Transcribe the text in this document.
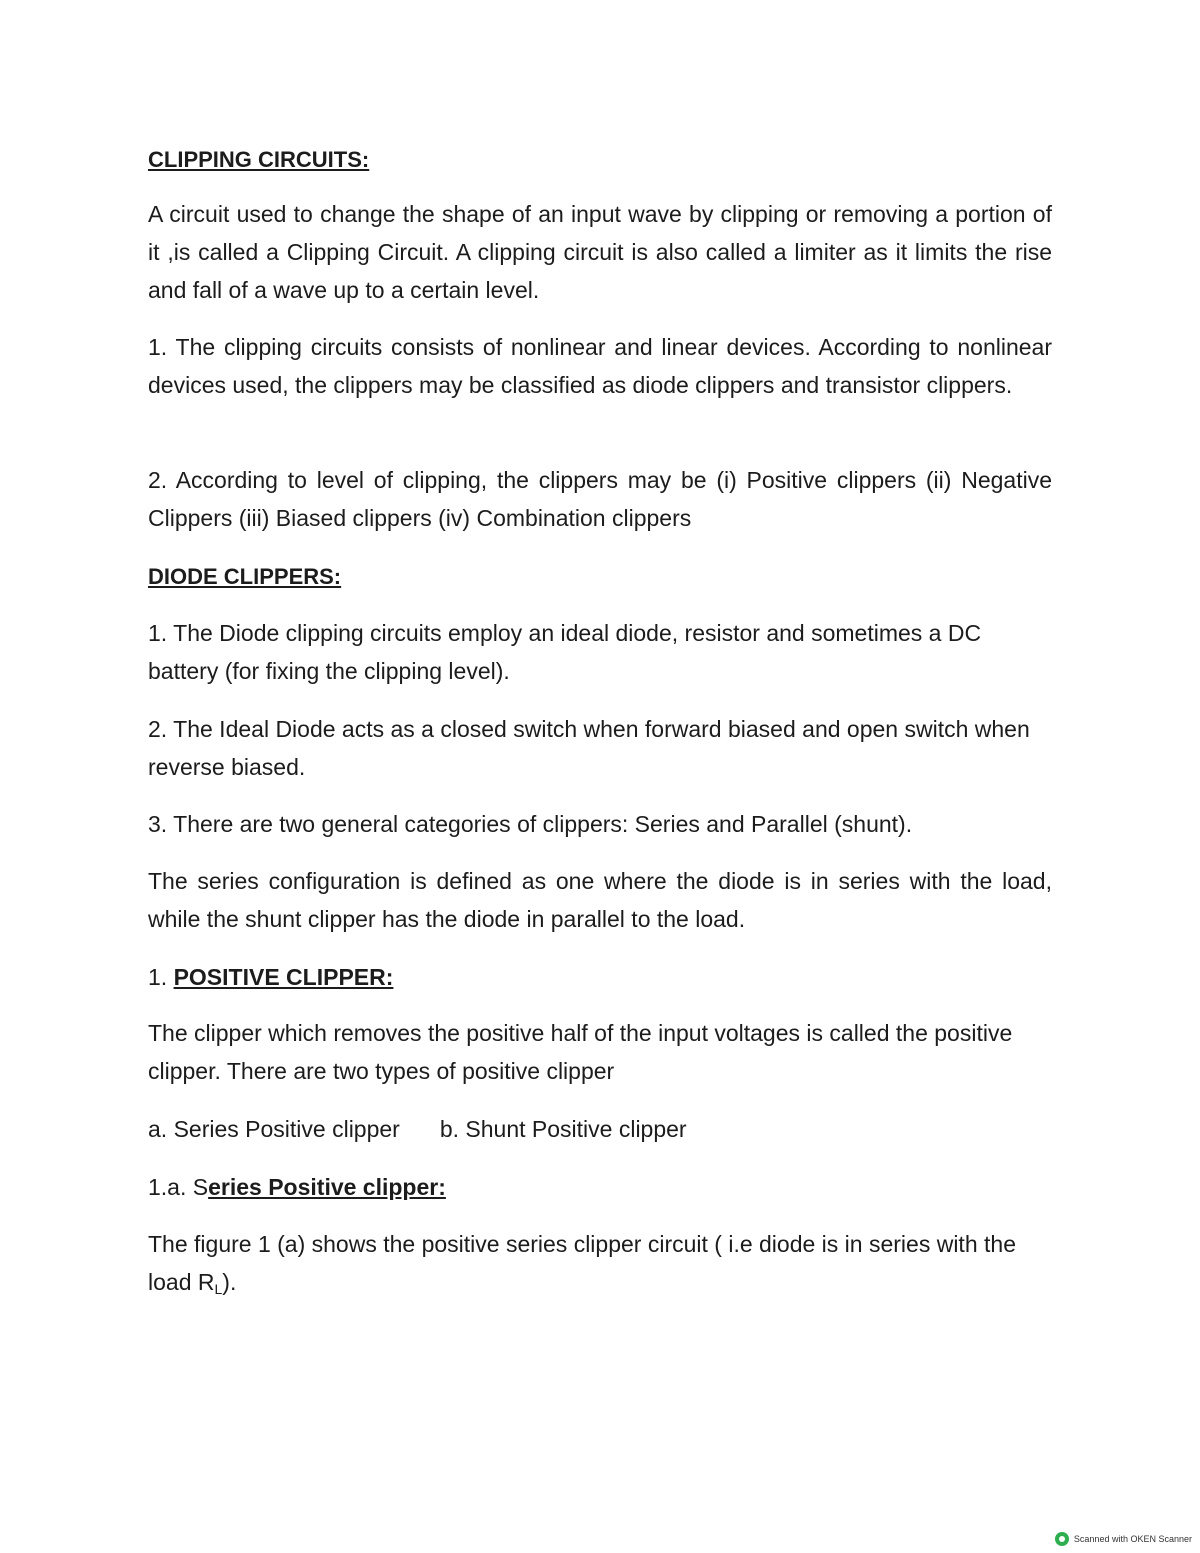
CLIPPING CIRCUITS:
A circuit used to change the shape of an input wave by clipping or removing a portion of it ,is called a Clipping Circuit. A clipping circuit is also called a limiter as it limits the rise and fall of a wave up to a certain level.
1. The clipping circuits consists of nonlinear and linear devices. According to nonlinear devices used, the clippers may be classified as diode clippers and transistor clippers.
2. According to level of clipping, the clippers may be (i) Positive clippers (ii) Negative Clippers (iii) Biased clippers (iv) Combination clippers
DIODE CLIPPERS:
1. The Diode clipping circuits employ an ideal diode, resistor and sometimes a DC battery (for fixing the clipping level).
2. The Ideal Diode acts as a closed switch when forward biased and open switch when reverse biased.
3. There are two general categories of clippers: Series and Parallel (shunt).
The series configuration is defined as one where the diode is in series with the load, while the shunt clipper has the diode in parallel to the load.
1. POSITIVE CLIPPER:
The clipper which removes the positive half of the input voltages is called the positive clipper. There are two types of positive clipper
a. Series Positive clipper b. Shunt Positive clipper
1.a. Series Positive clipper:
The figure 1 (a) shows the positive series clipper circuit ( i.e diode is in series with the load $R_L$).
Scanned with OKEN Scanner
